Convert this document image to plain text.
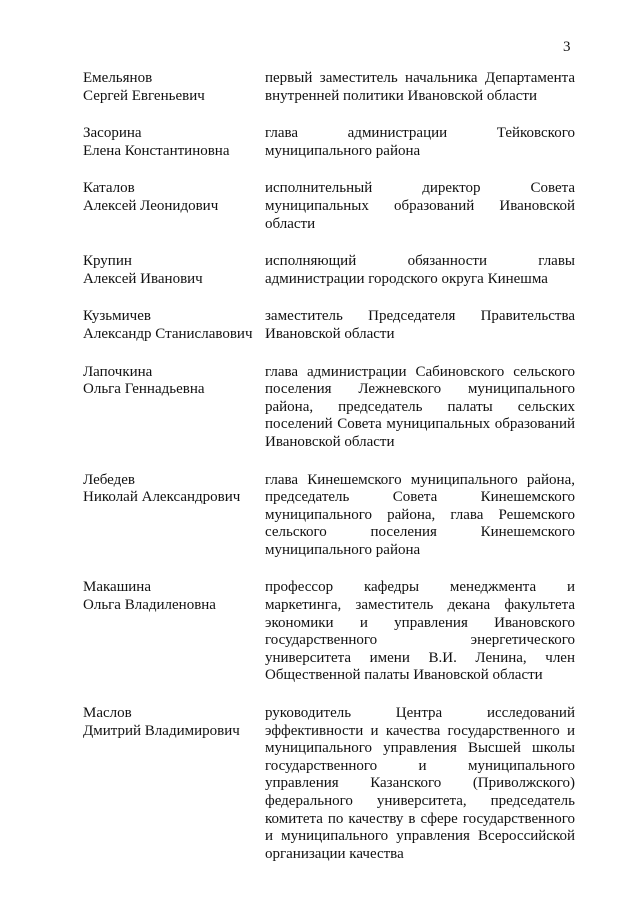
3
Емельянов
Сергей Евгеньевич
первый заместитель начальника Департамента
внутренней политики Ивановской области
Засорина
Елена Константиновна
глава администрации Тейковского
муниципального района
Каталов
Алексей Леонидович
исполнительный директор Совета
муниципальных образований Ивановской
области
Крупин
Алексей Иванович
исполняющий обязанности главы
администрации городского округа Кинешма
Кузьмичев
Александр Станиславович
заместитель Председателя Правительства
Ивановской области
Лапочкина
Ольга Геннадьевна
глава администрации Сабиновского сельского
поселения Лежневского муниципального
района, председатель палаты сельских
поселений Совета муниципальных образований
Ивановской области
Лебедев
Николай Александрович
глава Кинешемского муниципального района,
председатель Совета Кинешемского
муниципального района, глава Решемского
сельского поселения Кинешемского
муниципального района
Макашина
Ольга Владиленовна
профессор кафедры менеджмента и
маркетинга, заместитель декана факультета
экономики и управления Ивановского
государственного энергетического
университета имени В.И. Ленина, член
Общественной палаты Ивановской области
Маслов
Дмитрий Владимирович
руководитель Центра исследований
эффективности и качества государственного и
муниципального управления Высшей школы
государственного и муниципального
управления Казанского (Приволжского)
федерального университета, председатель
комитета по качеству в сфере государственного
и муниципального управления Всероссийской
организации качества
